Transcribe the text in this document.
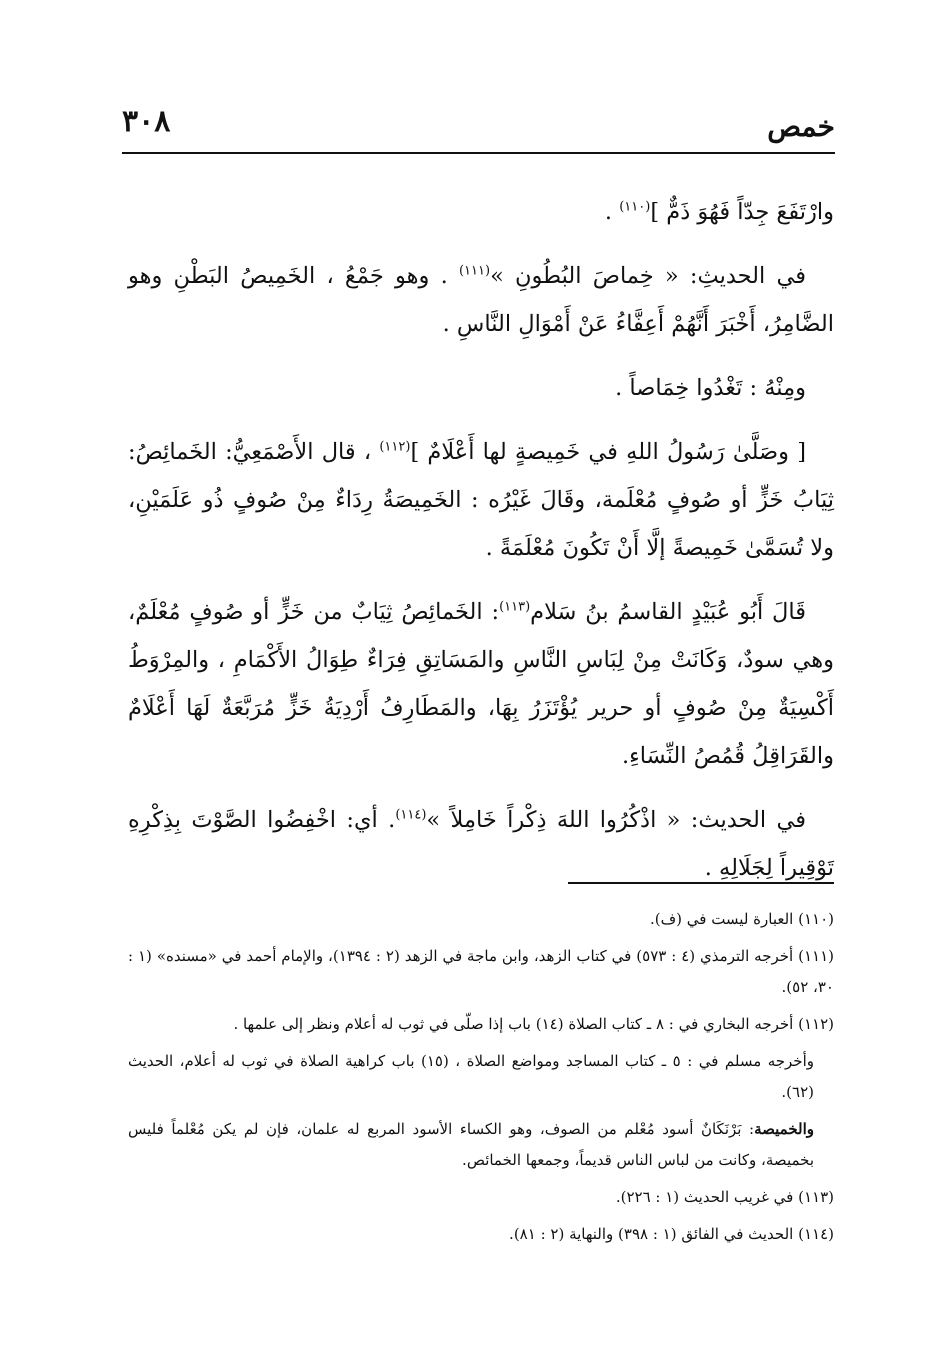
خمص
٣٠٨

وارْتَفَعَ جِدّاً فَهُوَ ذَمٌّ ]$^{(١١٠)}$ .

في الحديثِ: « خِماصَ البُطُونِ »$^{(١١١)}$ . وهو جَمْعُ ، الخَمِيصُ البَطْنِ وهو الضَّامِرُ، أَخْبَرَ أَنَّهُمْ أَعِفَّاءُ عَنْ أَمْوَالِ النَّاسِ .

ومِنْهُ : تَغْدُوا خِمَاصاً .

[ وصَلَّىٰ رَسُولُ اللهِ في خَمِيصةٍ لها أَعْلَامٌ ]$^{(١١٢)}$ ، قال الأَصْمَعِيُّ: الخَمائِصُ: ثِيَابُ خَزٍّ أو صُوفٍ مُعْلَمة، وقَالَ غَيْرُه : الخَمِيصَةُ رِدَاءٌ مِنْ صُوفٍ ذُو عَلَمَيْنِ، ولا تُسَمَّىٰ خَمِيصةً إلَّا أَنْ تَكُونَ مُعْلَمَةً .

قَالَ أَبُو عُبَيْدٍ القاسمُ بنُ سَلام$^{(١١٣)}$: الخَمائِصُ ثِيَابٌ من خَزٍّ أو صُوفٍ مُعْلَمٌ، وهي سودٌ، وَكَانَتْ مِنْ لِبَاسِ النَّاسِ والمَسَاتِقِ فِرَاءٌ طِوَالُ الأَكْمَامِ ، والمِرْوَطُ أَكْسِيَةٌ مِنْ صُوفٍ أو حرير يُؤْتَزَرُ بِهَا، والمَطَارِفُ أَرْدِيَةُ خَزٍّ مُرَبَّعَةٌ لَهَا أَعْلَامٌ والقَرَاقِلُ قُمُصُ النِّسَاءِ.

في الحديث: « اذْكُرُوا اللهَ ذِكْراً خَامِلاً »$^{(١١٤)}$. أي: اخْفِضُوا الصَّوْتَ بِذِكْرِهِ تَوْقِيراً لِجَلَالِهِ .

(١١٠) العبارة ليست في (ف).

(١١١) أخرجه الترمذي (٤ : ٥٧٣) في كتاب الزهد، وابن ماجة في الزهد (٢ : ١٣٩٤)، والإمام أحمد في «مسنده» (١ : ٣٠، ٥٢).

(١١٢) أخرجه البخاري في : ٨ ـ كتاب الصلاة (١٤) باب إذا صلّى في ثوب له أعلام ونظر إلى علمها .

وأخرجه مسلم في : ٥ ـ كتاب المساجد ومواضع الصلاة ، (١٥) باب كراهية الصلاة في ثوب له أعلام، الحديث (٦٢).

والخميصة: بَرْنَكَانٌ أسود مُعْلم من الصوف، وهو الكساء الأسود المربع له علمان، فإن لم يكن مُعْلماً فليس بخميصة، وكانت من لباس الناس قديماً، وجمعها الخمائص.

(١١٣) في غريب الحديث (١ : ٢٢٦).

(١١٤) الحديث في الفائق (١ : ٣٩٨) والنهاية (٢ : ٨١).
